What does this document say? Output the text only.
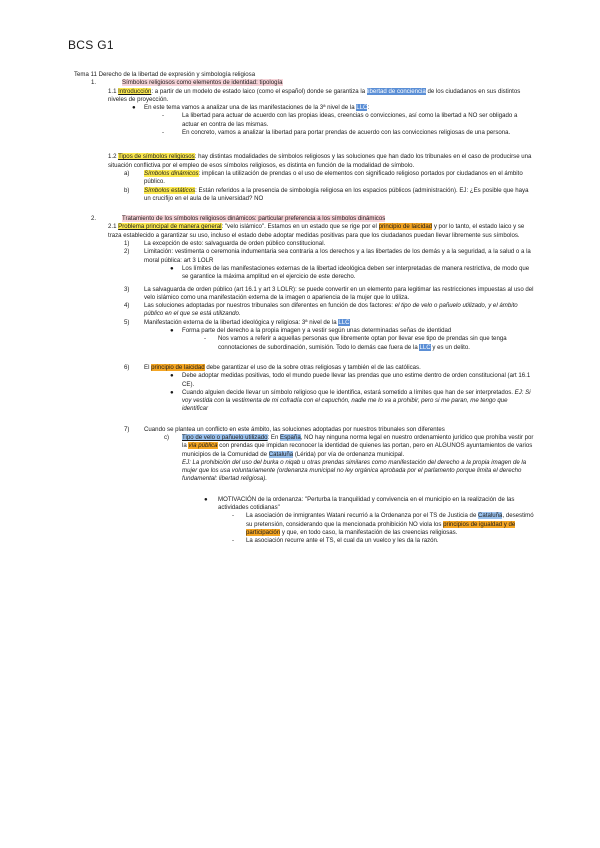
BCS G1
Tema 11 Derecho de la libertad de expresión y simbología religiosa
1.	Símbolos religiosos como elementos de identidad: tipología
1.1 Introducción: a partir de un modelo de estado laico (como el español) donde se garantiza la libertad de conciencia de los ciudadanos en sus distintos niveles de proyección.
● En este tema vamos a analizar una de las manifestaciones de la 3ª nivel de la LLC:
-	La libertad para actuar de acuerdo con las propias ideas, creencias o convicciones, así como la libertad a NO ser obligado a actuar en contra de las mismas.
-	En concreto, vamos a analizar la libertad para portar prendas de acuerdo con las convicciones religiosas de una persona.
1.2 Tipos de símbolos religiosos: hay distintas modalidades de símbolos religiosos y las soluciones que han dado los tribunales en el caso de producirse una situación conflictiva por el empleo de esos símbolos religiosos, es distinta en función de la modalidad de símbolo.
a) Símbolos dinámicos: implican la utilización de prendas o el uso de elementos con significado religioso portados por ciudadanos en el ámbito público.
b) Símbolos estáticos: Están referidos a la presencia de simbología religiosa en los espacios públicos (administración). EJ: ¿Es posible que haya un crucifijo en el aula de la universidad? NO
2.	Tratamiento de los símbolos religiosos dinámicos: particular preferencia a los símbolos dinámicos
2.1 Problema principal de manera general: "velo islámico". Estamos en un estado que se rige por el principio de laicidad y por lo tanto, el estado laico y se traza establecido a garantizar su uso, incluso el estado debe adoptar medidas positivas para que los ciudadanos puedan llevar libremente sus símbolos.
1) La excepción de esto: salvaguarda de orden público constitucional.
2) Limitación: vestimenta o ceremonia indumentaria sea contraria a los derechos y a las libertades de los demás y a la seguridad, a la salud o a la moral pública: art 3 LOLR
● Los límites de las manifestaciones externas de la libertad ideológica deben ser interpretadas de manera restrictiva, de modo que se garantice la máxima amplitud en el ejercicio de este derecho.
3) La salvaguarda de orden público (art 16.1 y art 3 LOLR): se puede convertir en un elemento para legitimar las restricciones impuestas al uso del velo islámico como una manifestación externa de la imagen o apariencia de la mujer que lo utiliza.
4) Las soluciones adoptadas por nuestros tribunales son diferentes en función de dos factores: el tipo de velo o pañuelo utilizado, y el ámbito público en el que se está utilizando.
5) Manifestación externa de la libertad ideológica y religiosa: 3ª nivel de la LLC
● Forma parte del derecho a la propia imagen y a vestir según unas determinadas señas de identidad
- Nos vamos a referir a aquellas personas que libremente optan por llevar ese tipo de prendas sin que tenga connotaciones de subordinación, sumisión. Todo lo demás cae fuera de la LLC y es un delito.
6) El principio de laicidad debe garantizar el uso de la sobre otras religiosas y también el de las católicas.
● Debe adoptar medidas positivas, todo el mundo puede llevar las prendas que uno estime dentro de orden constitucional (art 16.1 CE).
● Cuando alguien decide llevar un símbolo religioso que le identifica, estará sometido a límites que han de ser interpretados. EJ: Si voy vestida con la vestimenta de mi cofradía con el capuchón, nadie me lo va a prohibir, pero si me paran, me tengo que identificar
7) Cuando se plantea un conflicto en este ámbito, las soluciones adoptadas por nuestros tribunales son diferentes
c) Tipo de velo o pañuelo utilizado: En España, NO hay ninguna norma legal en nuestro ordenamiento jurídico que prohíba vestir por la vía pública con prendas que impidan reconocer la identidad de quienes las portan, pero en ALGUNOS ayuntamientos de varios municipios de la Comunidad de Cataluña (Lérida) por vía de ordenanza municipal.
EJ: La prohibición del uso del burka o niqab u otras prendas similares como manifestación del derecho a la propia imagen de la mujer que los usa voluntariamente (ordenanza municipal no ley orgánica aprobada por el parlamento porque limita el derecho fundamental: libertad religiosa).
● MOTIVACIÓN de la ordenanza: "Perturba la tranquilidad y convivencia en el municipio en la realización de las actividades cotidianas"
- La asociación de inmigrantes Watani recurrió a la Ordenanza por el TS de Justicia de Cataluña, desestimó su pretensión, considerando que la mencionada prohibición NO viola los principios de igualdad y de participación y que, en todo caso, la manifestación de las creencias religiosas.
- La asociación recurre ante el TS, el cual da un vuelco y les da la razón.
